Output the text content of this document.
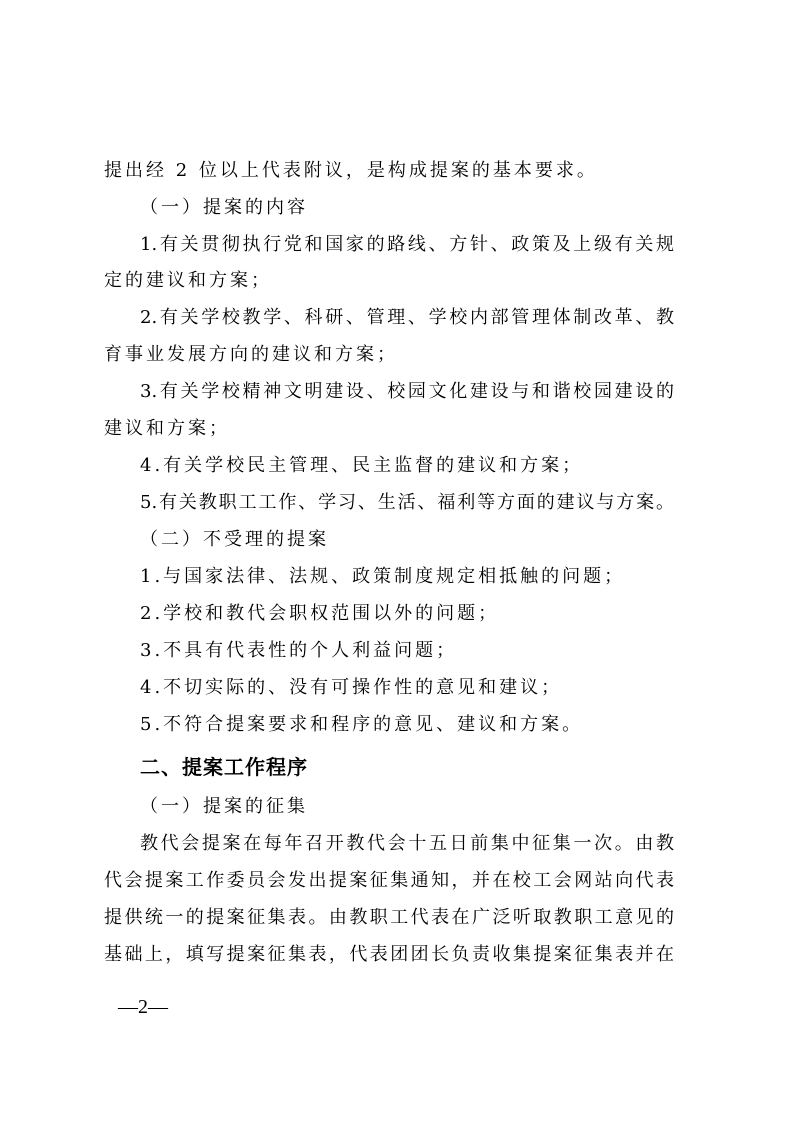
提出经 2 位以上代表附议，是构成提案的基本要求。
（一）提案的内容
1.有关贯彻执行党和国家的路线、方针、政策及上级有关规
定的建议和方案；
2.有关学校教学、科研、管理、学校内部管理体制改革、教
育事业发展方向的建议和方案；
3.有关学校精神文明建设、校园文化建设与和谐校园建设的
建议和方案；
4.有关学校民主管理、民主监督的建议和方案；
5.有关教职工工作、学习、生活、福利等方面的建议与方案。
（二）不受理的提案
1.与国家法律、法规、政策制度规定相抵触的问题；
2.学校和教代会职权范围以外的问题；
3.不具有代表性的个人利益问题；
4.不切实际的、没有可操作性的意见和建议；
5.不符合提案要求和程序的意见、建议和方案。
二、提案工作程序
（一）提案的征集
教代会提案在每年召开教代会十五日前集中征集一次。由教
代会提案工作委员会发出提案征集通知，并在校工会网站向代表
提供统一的提案征集表。由教职工代表在广泛听取教职工意见的
基础上，填写提案征集表，代表团团长负责收集提案征集表并在
—2—
